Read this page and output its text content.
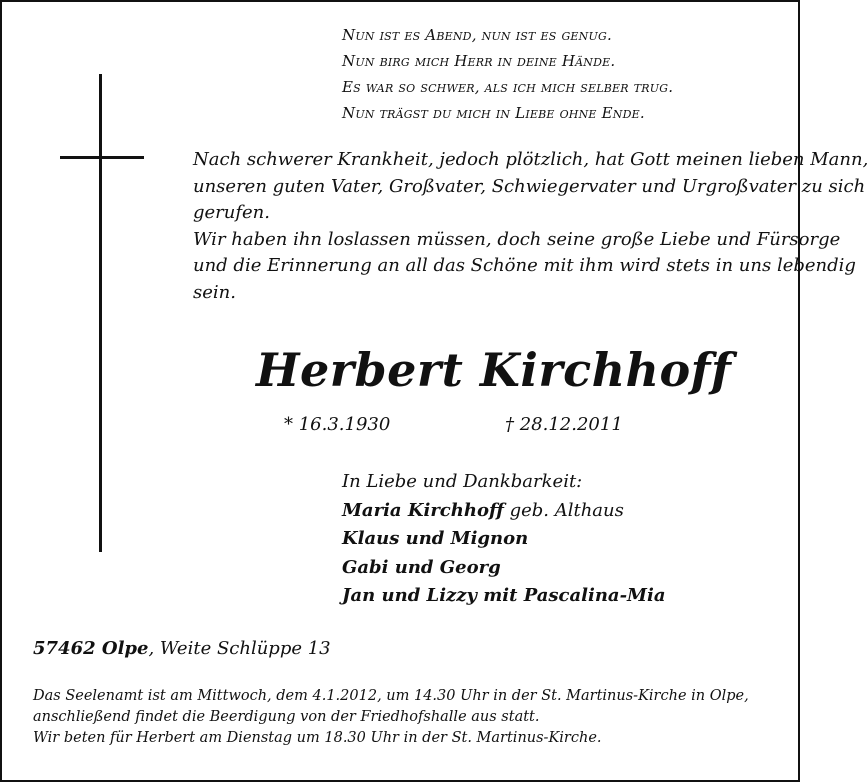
Nun ist es Abend, nun ist es genug.
Nun birg mich Herr in deine Hände.
Es war so schwer, als ich mich selber trug.
Nun trägst du mich in Liebe ohne Ende.
Nach schwerer Krankheit, jedoch plötzlich, hat Gott meinen lieben Mann,
unseren guten Vater, Großvater, Schwiegervater und Urgroßvater zu sich
gerufen.
Wir haben ihn loslassen müssen, doch seine große Liebe und Fürsorge
und die Erinnerung an all das Schöne mit ihm wird stets in uns lebendig
sein.
Herbert Kirchhoff
* 16.3.1930	† 28.12.2011
In Liebe und Dankbarkeit:
Maria Kirchhoff geb. Althaus
Klaus und Mignon
Gabi und Georg
Jan und Lizzy mit Pascalina-Mia
57462 Olpe, Weite Schlüppe 13
Das Seelenamt ist am Mittwoch, dem 4.1.2012, um 14.30 Uhr in der St. Martinus-Kirche in Olpe,
anschließend findet die Beerdigung von der Friedhofshalle aus statt.
Wir beten für Herbert am Dienstag um 18.30 Uhr in der St. Martinus-Kirche.
